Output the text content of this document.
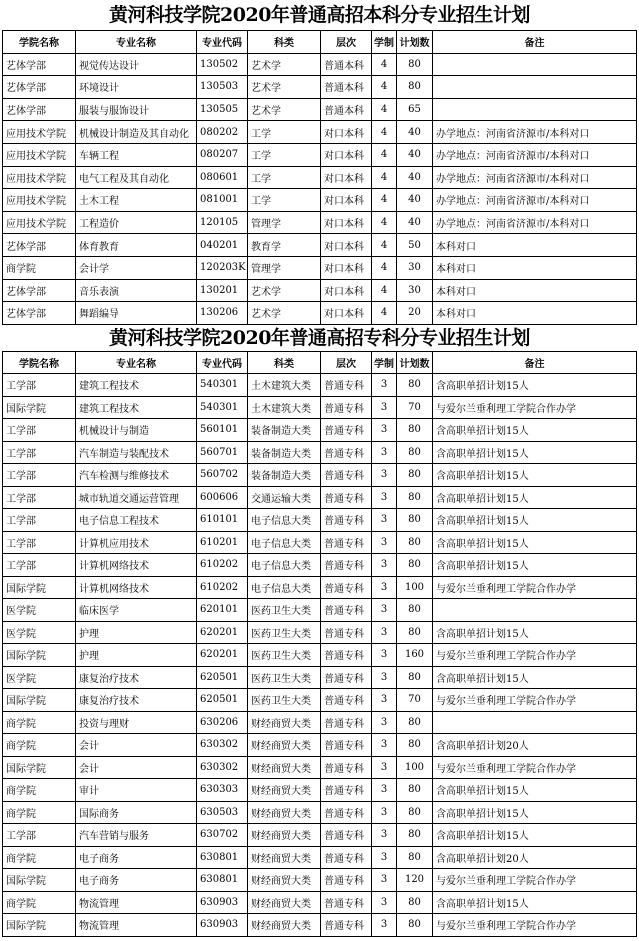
黄河科技学院2020年普通高招本科分专业招生计划
学院名称	专业名称	专业代码	科类	层次	学制	计划数	备注
艺体学部	视觉传达设计	130502	艺术学	普通本科	4	80	
艺体学部	环境设计	130503	艺术学	普通本科	4	80	
艺体学部	服装与服饰设计	130505	艺术学	普通本科	4	65	
应用技术学院	机械设计制造及其自动化	080202	工学	对口本科	4	40	办学地点：河南省济源市/本科对口
应用技术学院	车辆工程	080207	工学	对口本科	4	40	办学地点：河南省济源市/本科对口
应用技术学院	电气工程及其自动化	080601	工学	对口本科	4	40	办学地点：河南省济源市/本科对口
应用技术学院	土木工程	081001	工学	对口本科	4	40	办学地点：河南省济源市/本科对口
应用技术学院	工程造价	120105	管理学	对口本科	4	40	办学地点：河南省济源市/本科对口
艺体学部	体育教育	040201	教育学	对口本科	4	50	本科对口
商学院	会计学	120203K	管理学	对口本科	4	30	本科对口
艺体学部	音乐表演	130201	艺术学	对口本科	4	30	本科对口
艺体学部	舞蹈编导	130206	艺术学	对口本科	4	20	本科对口
黄河科技学院2020年普通高招专科分专业招生计划
学院名称	专业名称	专业代码	科类	层次	学制	计划数	备注
工学部	建筑工程技术	540301	土木建筑大类	普通专科	3	80	含高职单招计划15人
国际学院	建筑工程技术	540301	土木建筑大类	普通专科	3	70	与爱尔兰垂利理工学院合作办学
工学部	机械设计与制造	560101	装备制造大类	普通专科	3	80	含高职单招计划15人
工学部	汽车制造与装配技术	560701	装备制造大类	普通专科	3	80	含高职单招计划15人
工学部	汽车检测与维修技术	560702	装备制造大类	普通专科	3	80	含高职单招计划15人
工学部	城市轨道交通运营管理	600606	交通运输大类	普通专科	3	80	含高职单招计划15人
工学部	电子信息工程技术	610101	电子信息大类	普通专科	3	80	含高职单招计划15人
工学部	计算机应用技术	610201	电子信息大类	普通专科	3	80	含高职单招计划15人
工学部	计算机网络技术	610202	电子信息大类	普通专科	3	80	含高职单招计划15人
国际学院	计算机网络技术	610202	电子信息大类	普通专科	3	100	与爱尔兰垂利理工学院合作办学
医学院	临床医学	620101	医药卫生大类	普通专科	3	80	
医学院	护理	620201	医药卫生大类	普通专科	3	80	含高职单招计划15人
国际学院	护理	620201	医药卫生大类	普通专科	3	160	与爱尔兰垂利理工学院合作办学
医学院	康复治疗技术	620501	医药卫生大类	普通专科	3	80	含高职单招计划15人
国际学院	康复治疗技术	620501	医药卫生大类	普通专科	3	70	与爱尔兰垂利理工学院合作办学
商学院	投资与理财	630206	财经商贸大类	普通专科	3	80	
商学院	会计	630302	财经商贸大类	普通专科	3	80	含高职单招计划20人
国际学院	会计	630302	财经商贸大类	普通专科	3	100	与爱尔兰垂利理工学院合作办学
商学院	审计	630303	财经商贸大类	普通专科	3	80	含高职单招计划15人
商学院	国际商务	630503	财经商贸大类	普通专科	3	80	含高职单招计划15人
工学部	汽车营销与服务	630702	财经商贸大类	普通专科	3	80	含高职单招计划15人
商学院	电子商务	630801	财经商贸大类	普通专科	3	80	含高职单招计划20人
国际学院	电子商务	630801	财经商贸大类	普通专科	3	120	与爱尔兰垂利理工学院合作办学
商学院	物流管理	630903	财经商贸大类	普通专科	3	80	含高职单招计划15人
国际学院	物流管理	630903	财经商贸大类	普通专科	3	80	与爱尔兰垂利理工学院合作办学
